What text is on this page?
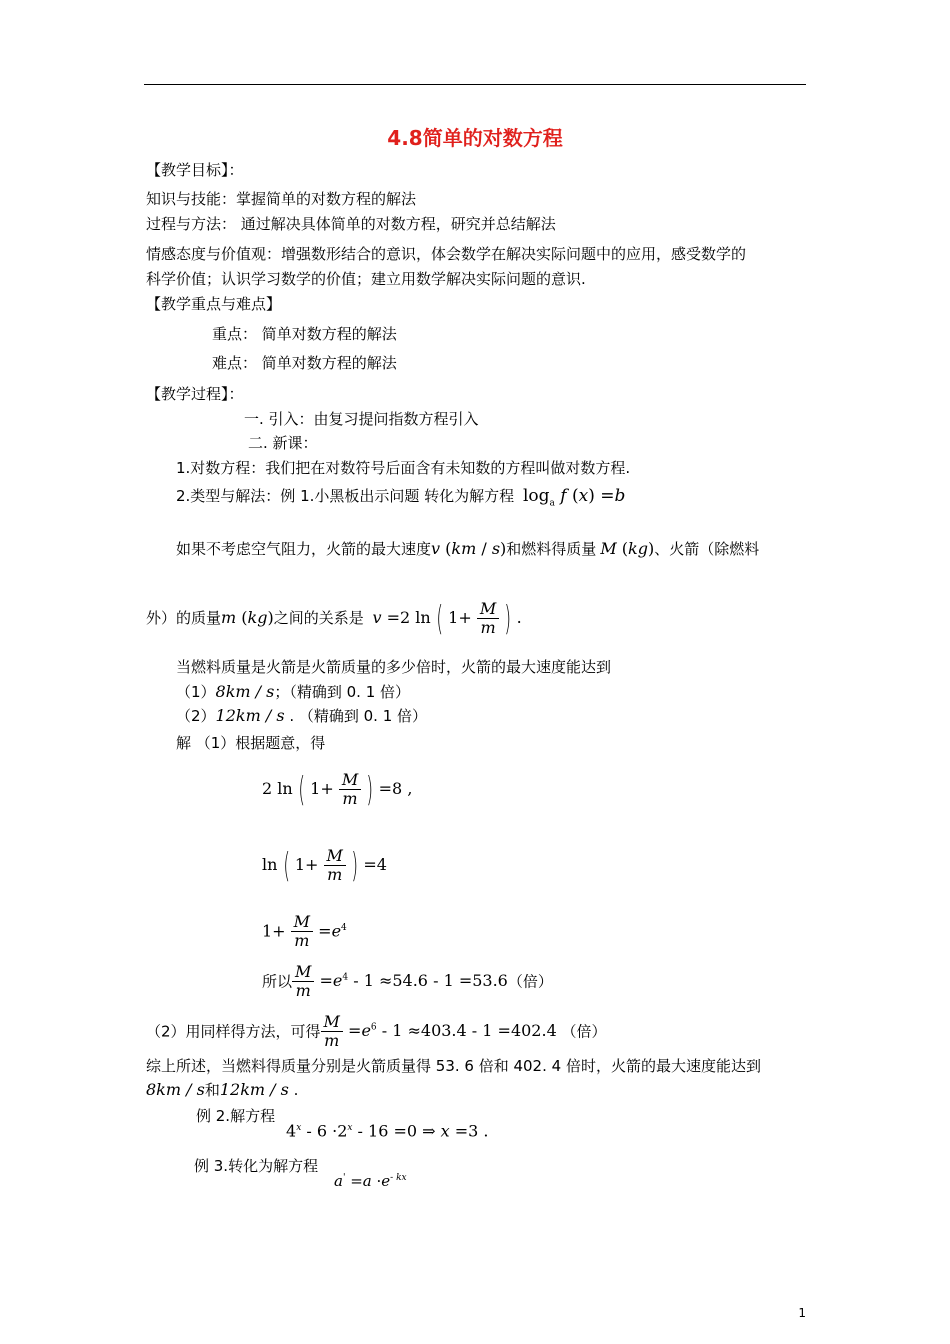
4.8简单的对数方程
【教学目标】：
知识与技能：掌握简单的对数方程的解法
过程与方法： 通过解决具体简单的对数方程，研究并总结解法
情感态度与价值观：增强数形结合的意识，体会数学在解决实际问题中的应用，感受数学的
科学价值；认识学习数学的价值；建立用数学解决实际问题的意识.
【教学重点与难点】
重点： 简单对数方程的解法
难点： 简单对数方程的解法
【教学过程】：
一. 引入：由复习提问指数方程引入
二. 新课：
1.对数方程：我们把在对数符号后面含有未知数的方程叫做对数方程.
2.类型与解法：例 1.小黑板出示问题 转化为解方程 $\log_a f$ (x) =b
如果不考虑空气阻力，火箭的最大速度v (km / s)和燃料得质量 M (kg)、火箭（除燃料
外）的质量m (kg)之间的关系是 v =2 ln ( $1+ \frac{M}{m}$ ) .
当燃料质量是火箭是火箭质量的多少倍时，火箭的最大速度能达到
（1）8km / s；（精确到 0. 1 倍）
（2）12km / s . （精确到 0. 1 倍）
解 （1）根据题意，得
2 ln ( $1+ \frac{M}{m}$ ) =8 ,
ln ( $1+ \frac{M}{m}$ ) =4
$1+ \frac{M}{m} =e^4$
所以 $\frac{M}{m} =e^4 - 1 \approx 54.6 - 1 =53.6$（倍）
（2）用同样得方法，可得 $\frac{M}{m} =e^6 - 1 \approx 403.4 - 1 =402.4$ （倍）
综上所述，当燃料得质量分别是火箭质量得 53. 6 倍和 402. 4 倍时，火箭的最大速度能达到
8km / s和12km / s .
例 2.解方程
$4^x - 6 \cdot 2^x - 16 =0$ ⇒ x =3 .
例 3.转化为解方程
$a' =a \cdot e^{- kx}$
1
